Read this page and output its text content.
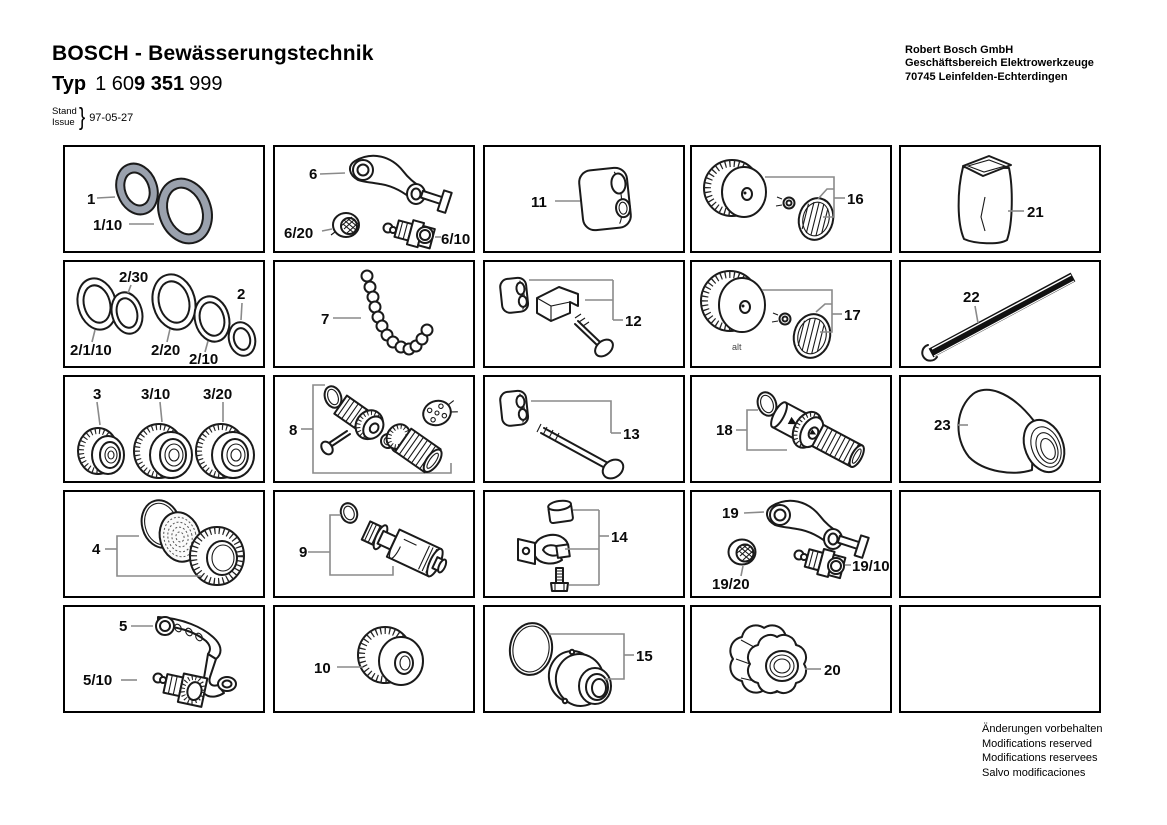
BOSCH - Bewässerungstechnik
Typ 1 609 351 999
Stand
Issue } 97-05-27
Robert Bosch GmbH
Geschäftsbereich Elektrowerkzeuge
70745 Leinfelden-Echterdingen
1
1/10
6
6/20	6/10
11	16
21
2/30
2
2/1/10	2/20
2/10
7	12	17
alt
22
3	3/10 3/20
8	13	18	23
4	9
14
19
19/20
19/10
5
5/10
10
15
20
Änderungen vorbehalten
Modifications reserved
Modifications reservees
Salvo modificaciones
